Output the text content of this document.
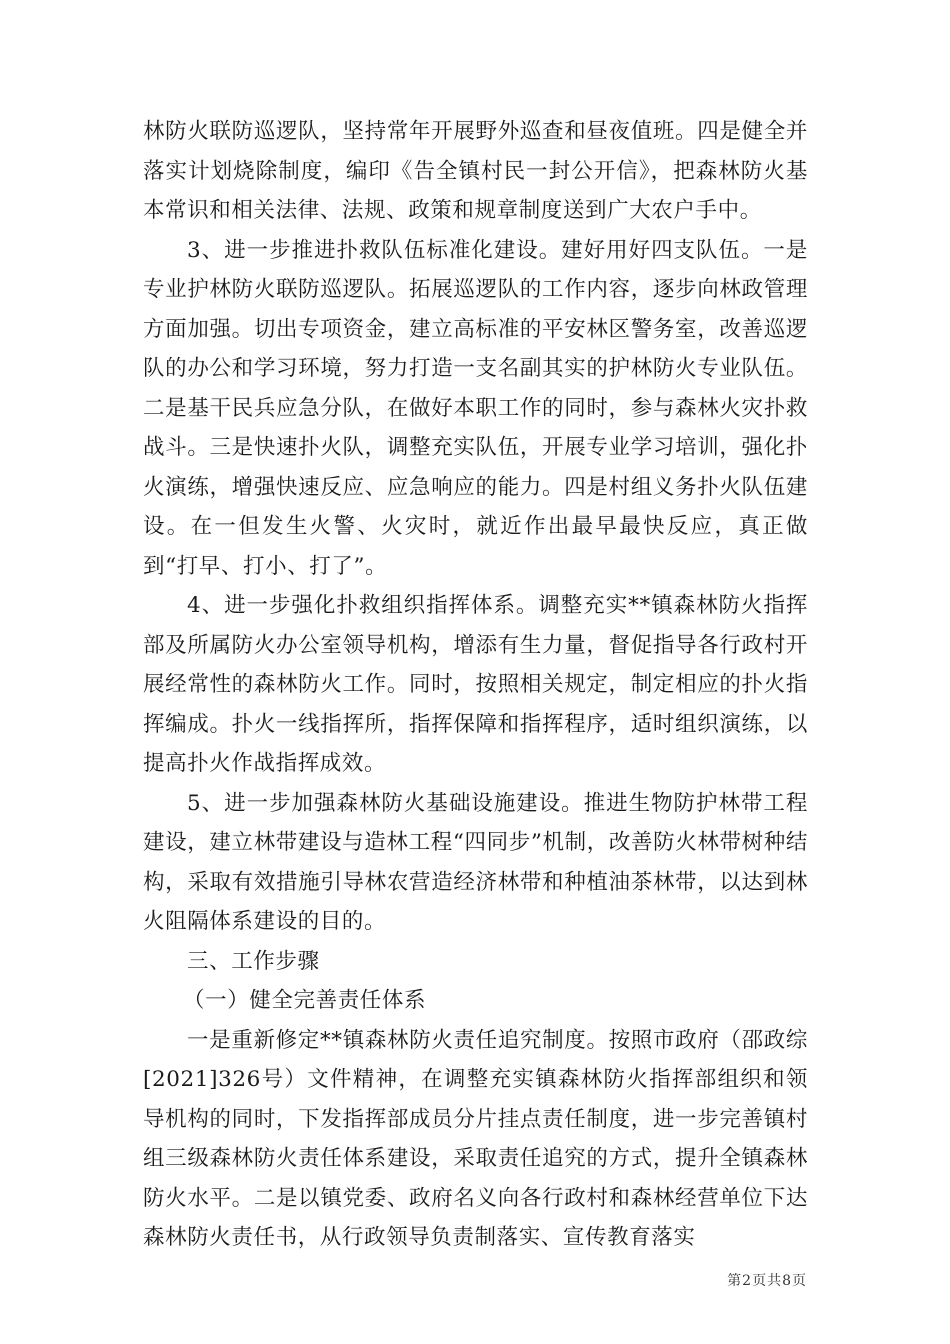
林防火联防巡逻队，坚持常年开展野外巡查和昼夜值班。四是健全并落实计划烧除制度，编印《告全镇村民一封公开信》，把森林防火基本常识和相关法律、法规、政策和规章制度送到广大农户手中。

3、进一步推进扑救队伍标准化建设。建好用好四支队伍。一是专业护林防火联防巡逻队。拓展巡逻队的工作内容，逐步向林政管理方面加强。切出专项资金，建立高标准的平安林区警务室，改善巡逻队的办公和学习环境，努力打造一支名副其实的护林防火专业队伍。二是基干民兵应急分队，在做好本职工作的同时，参与森林火灾扑救战斗。三是快速扑火队，调整充实队伍，开展专业学习培训，强化扑火演练，增强快速反应、应急响应的能力。四是村组义务扑火队伍建设。在一但发生火警、火灾时，就近作出最早最快反应，真正做到“打早、打小、打了”。

4、进一步强化扑救组织指挥体系。调整充实**镇森林防火指挥部及所属防火办公室领导机构，增添有生力量，督促指导各行政村开展经常性的森林防火工作。同时，按照相关规定，制定相应的扑火指挥编成。扑火一线指挥所，指挥保障和指挥程序，适时组织演练，以提高扑火作战指挥成效。

5、进一步加强森林防火基础设施建设。推进生物防护林带工程建设，建立林带建设与造林工程“四同步”机制，改善防火林带树种结构，采取有效措施引导林农营造经济林带和种植油茶林带，以达到林火阻隔体系建设的目的。

三、工作步骤

（一）健全完善责任体系

一是重新修定**镇森林防火责任追究制度。按照市政府（邵政综[2021]326号）文件精神，在调整充实镇森林防火指挥部组织和领导机构的同时，下发指挥部成员分片挂点责任制度，进一步完善镇村组三级森林防火责任体系建设，采取责任追究的方式，提升全镇森林防火水平。二是以镇党委、政府名义向各行政村和森林经营单位下达森林防火责任书，从行政领导负责制落实、宣传教育落实

第2页共8页
